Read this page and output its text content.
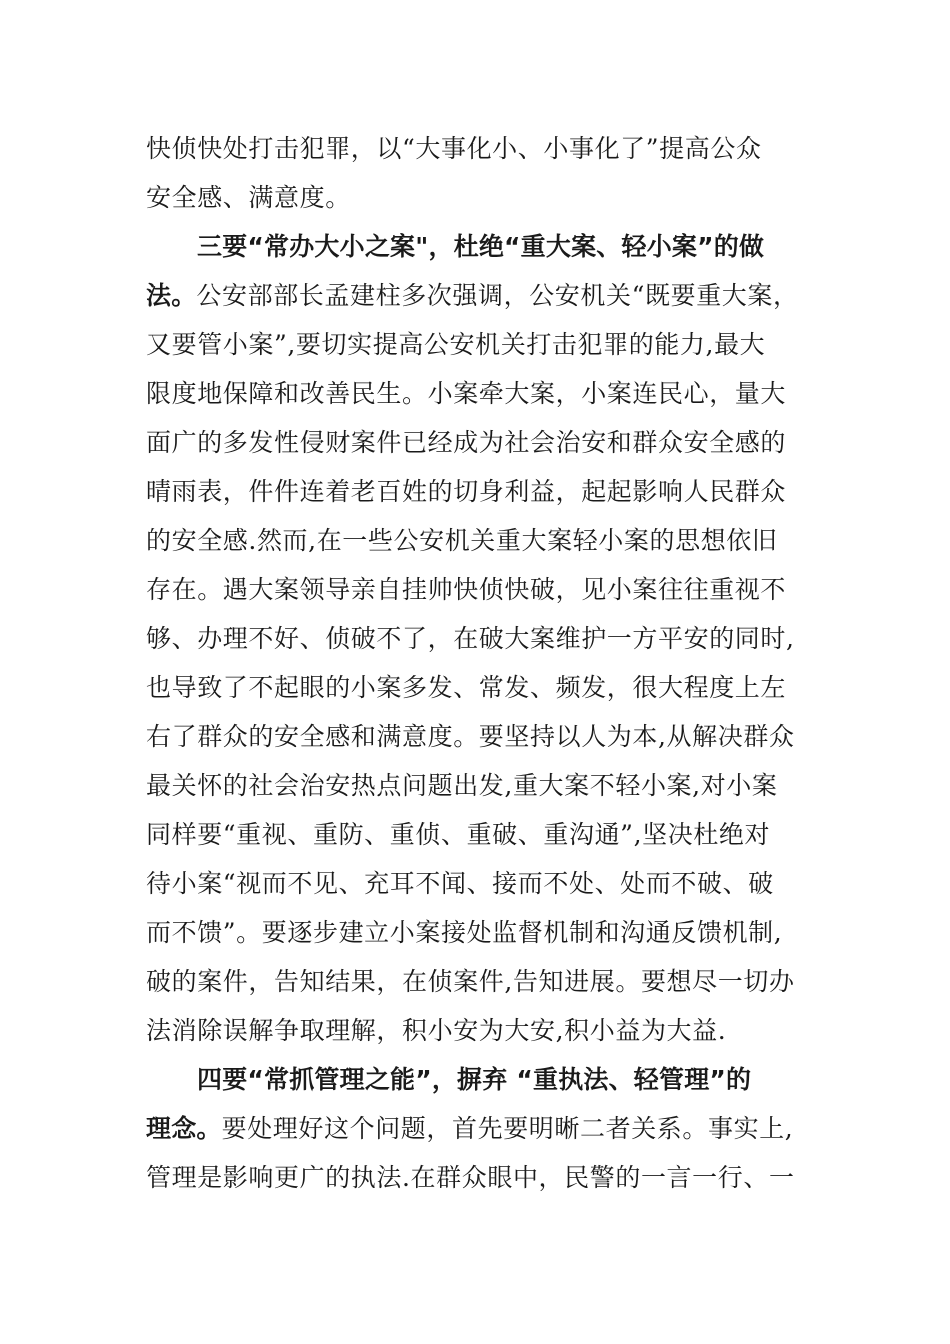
快侦快处打击犯罪，以“大事化小、小事化了”提高公众
安全感、满意度。
三要“常办大小之案"，杜绝“重大案、轻小案”的做
法。公安部部长孟建柱多次强调，公安机关“既要重大案，
又要管小案”,要切实提高公安机关打击犯罪的能力,最大
限度地保障和改善民生。小案牵大案，小案连民心，量大
面广的多发性侵财案件已经成为社会治安和群众安全感的
晴雨表，件件连着老百姓的切身利益，起起影响人民群众
的安全感.然而,在一些公安机关重大案轻小案的思想依旧
存在。遇大案领导亲自挂帅快侦快破，见小案往往重视不
够、办理不好、侦破不了，在破大案维护一方平安的同时,
也导致了不起眼的小案多发、常发、频发，很大程度上左
右了群众的安全感和满意度。要坚持以人为本,从解决群众
最关怀的社会治安热点问题出发,重大案不轻小案,对小案
同样要“重视、重防、重侦、重破、重沟通”,坚决杜绝对
待小案“视而不见、充耳不闻、接而不处、处而不破、破
而不馈”。要逐步建立小案接处监督机制和沟通反馈机制,
破的案件，告知结果，在侦案件,告知进展。要想尽一切办
法消除误解争取理解，积小安为大安,积小益为大益.
四要“常抓管理之能”，摒弃 “重执法、轻管理”的
理念。要处理好这个问题，首先要明晰二者关系。事实上,
管理是影响更广的执法.在群众眼中，民警的一言一行、一
